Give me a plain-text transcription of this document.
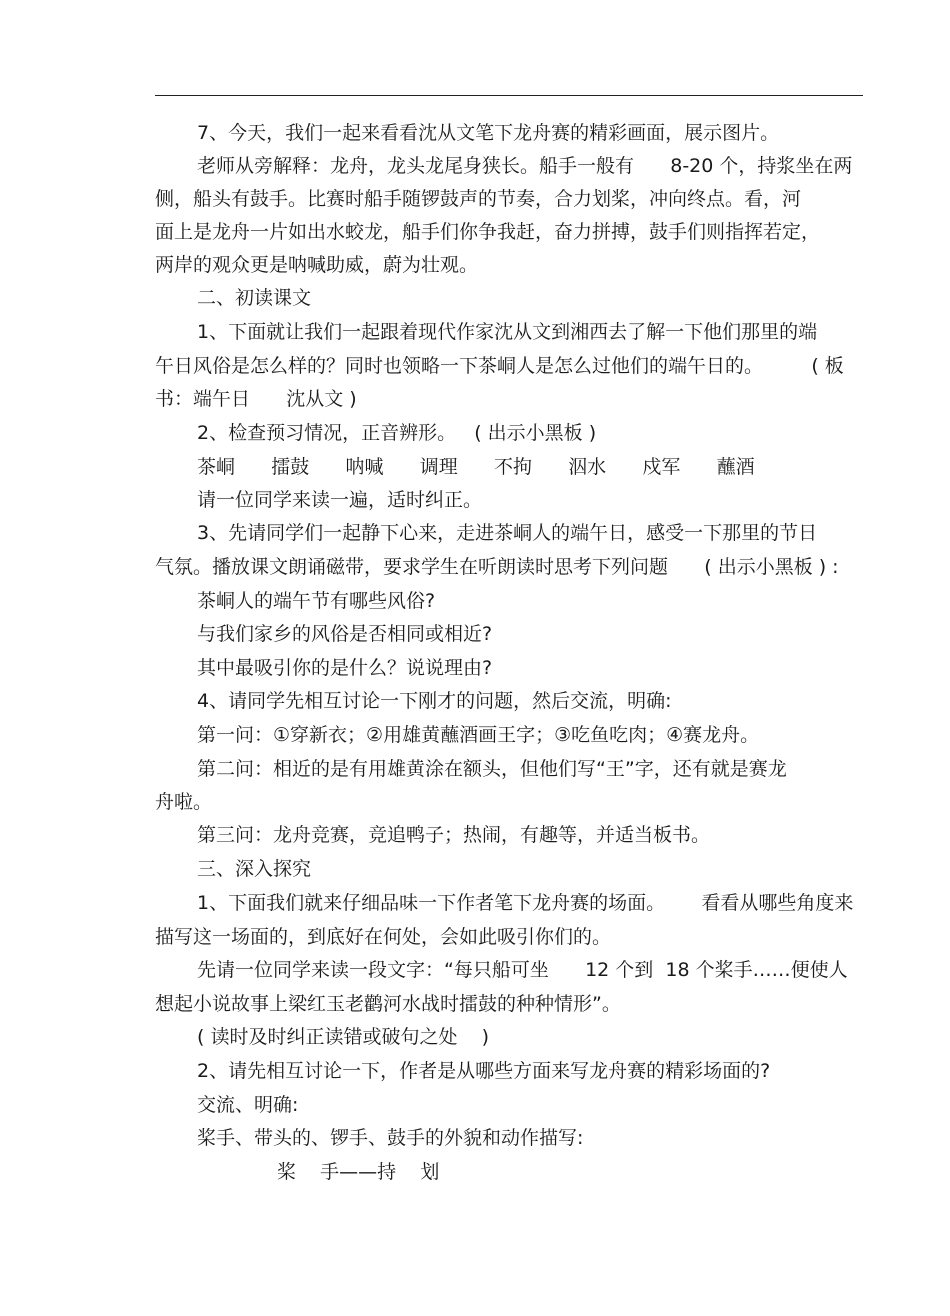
7、今天，我们一起来看看沈从文笔下龙舟赛的精彩画面，展示图片。
老师从旁解释：龙舟，龙头龙尾身狭长。船手一般有      8-20 个，持浆坐在两
侧，船头有鼓手。比赛时船手随锣鼓声的节奏，合力划桨，冲向终点。看，河
面上是龙舟一片如出水蛟龙，船手们你争我赶，奋力拼搏，鼓手们则指挥若定，
两岸的观众更是呐喊助威，蔚为壮观。
二、初读课文
1、下面就让我们一起跟着现代作家沈从文到湘西去了解一下他们那里的端
午日风俗是怎么样的？同时也领略一下茶峒人是怎么过他们的端午日的。        ( 板
书：端午日      沈从文 )
2、检查预习情况，正音辨形。   ( 出示小黑板 )
茶峒      擂鼓      呐喊      调理      不拘      泅水      戍军      蘸酒
请一位同学来读一遍，适时纠正。
3、先请同学们一起静下心来，走进茶峒人的端午日，感受一下那里的节日
气氛。播放课文朗诵磁带，要求学生在听朗读时思考下列问题      ( 出示小黑板 ) :
茶峒人的端午节有哪些风俗?
与我们家乡的风俗是否相同或相近?
其中最吸引你的是什么？说说理由?
4、请同学先相互讨论一下刚才的问题，然后交流，明确:
第一问：①穿新衣；②用雄黄蘸酒画王字；③吃鱼吃肉；④赛龙舟。
第二问：相近的是有用雄黄涂在额头，但他们写“王”字，还有就是赛龙
舟啦。
第三问：龙舟竞赛，竞追鸭子；热闹，有趣等，并适当板书。
三、深入探究
1、下面我们就来仔细品味一下作者笔下龙舟赛的场面。      看看从哪些角度来
描写这一场面的，到底好在何处，会如此吸引你们的。
先请一位同学来读一段文字：“每只船可坐      12 个到  18 个桨手……便使人
想起小说故事上梁红玉老鹳河水战时擂鼓的种种情形”。
( 读时及时纠正读错或破句之处    )
2、请先相互讨论一下，作者是从哪些方面来写龙舟赛的精彩场面的?
交流、明确:
桨手、带头的、锣手、鼓手的外貌和动作描写:
桨    手——持    划
